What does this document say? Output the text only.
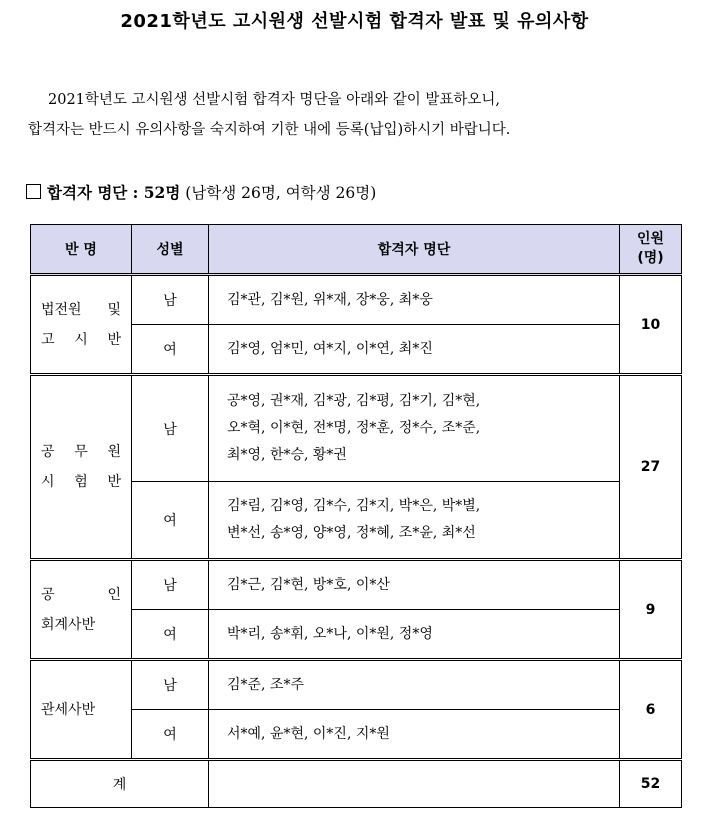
2021학년도 고시원생 선발시험 합격자 발표 및 유의사항
2021학년도 고시원생 선발시험 합격자 명단을 아래와 같이 발표하오니,
합격자는 반드시 유의사항을 숙지하여 기한 내에 등록(납입)하시기 바랍니다.
합격자 명단 : 52명 (남학생 26명, 여학생 26명)
반 명	성별	합격자 명단	인원
(명)

법전원 및
고 시 반	남	김*관, 김*원, 위*재, 장*웅, 최*웅	10
	여	김*영, 엄*민, 여*지, 이*연, 최*진	

공 무 원
시 험 반	남	공*영, 권*재, 김*광, 김*평, 김*기, 김*현,
오*혁, 이*현, 전*명, 정*훈, 정*수, 조*준,
최*영, 한*승, 황*권	27
	여	김*림, 김*영, 김*수, 김*지, 박*은, 박*별,
변*선, 송*영, 양*영, 정*혜, 조*윤, 최*선	

공 인
회계사반	남	김*근, 김*현, 방*호, 이*산	9
	여	박*리, 송*휘, 오*나, 이*원, 정*영	

관세사반	남	김*준, 조*주	6
	여	서*예, 윤*현, 이*진, 지*원	

계			52
